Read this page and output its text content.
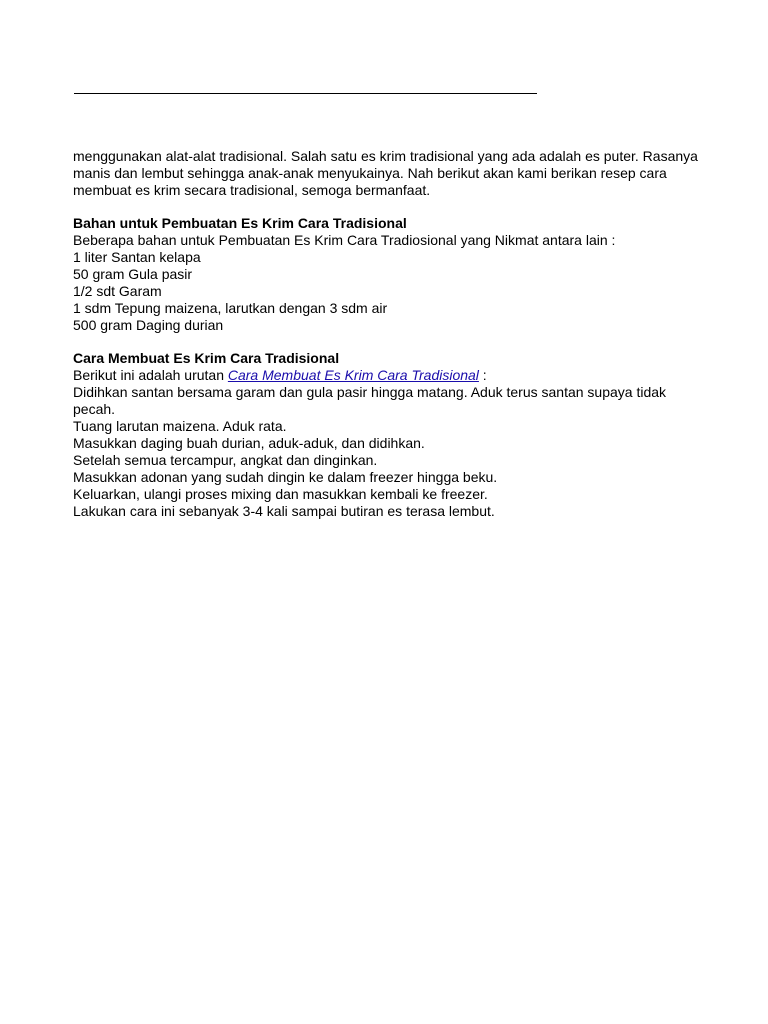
menggunakan alat-alat tradisional. Salah satu es krim tradisional yang ada adalah es puter. Rasanya manis dan lembut sehingga anak-anak menyukainya. Nah berikut akan kami berikan resep cara membuat es krim secara tradisional, semoga bermanfaat.

Bahan untuk Pembuatan Es Krim Cara Tradisional

Beberapa bahan untuk Pembuatan Es Krim Cara Tradiosional yang Nikmat antara lain :

1 liter Santan kelapa

50 gram Gula pasir

1/2 sdt Garam

1 sdm Tepung maizena, larutkan dengan 3 sdm air

500 gram Daging durian

Cara Membuat Es Krim Cara Tradisional

Berikut ini adalah urutan Cara Membuat Es Krim Cara Tradisional :

Didihkan santan bersama garam dan gula pasir hingga matang. Aduk terus santan supaya tidak pecah.

Tuang larutan maizena. Aduk rata.

Masukkan daging buah durian, aduk-aduk, dan didihkan.

Setelah semua tercampur, angkat dan dinginkan.

Masukkan adonan yang sudah dingin ke dalam freezer hingga beku.

Keluarkan, ulangi proses mixing dan masukkan kembali ke freezer.

Lakukan cara ini sebanyak 3-4 kali sampai butiran es terasa lembut.
